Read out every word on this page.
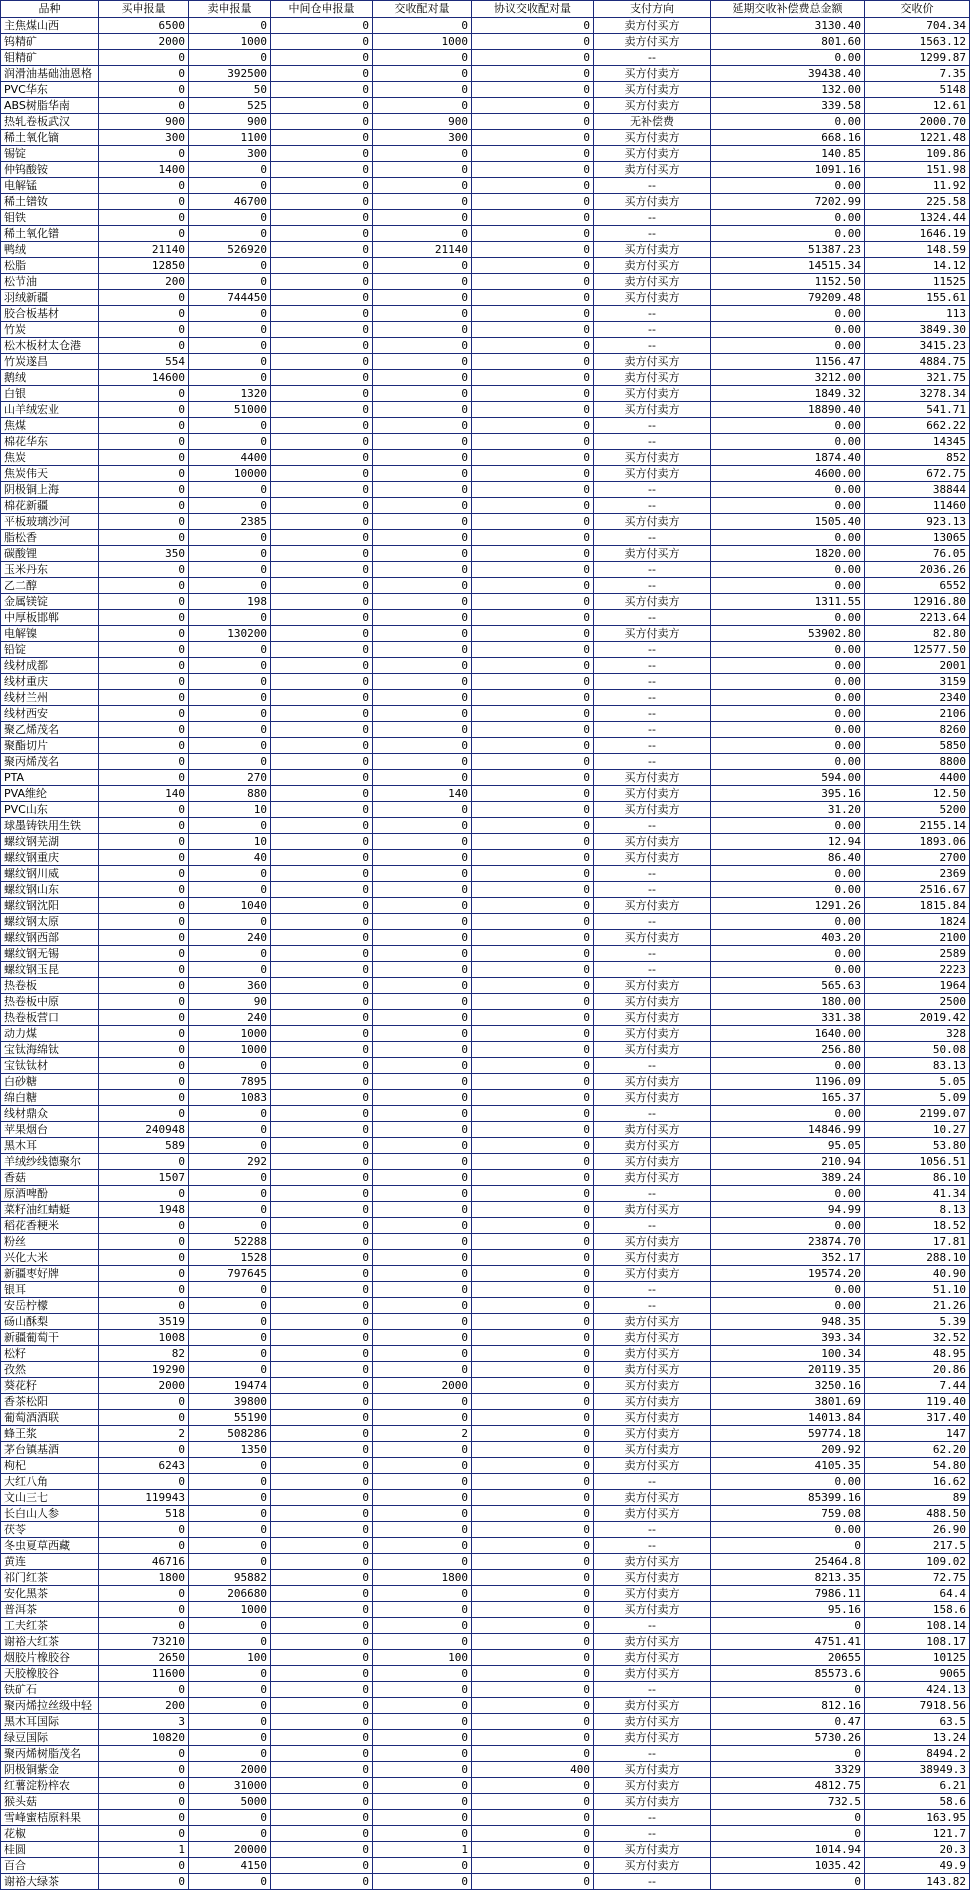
品种	买申报量	卖申报量	中间仓申报量	交收配对量	协议交收配对量	支付方向	延期交收补偿费总金额	交收价
主焦煤山西	6500	0	0	0	0	卖方付买方	3130.40	704.34
钨精矿	2000	1000	0	1000	0	卖方付买方	801.60	1563.12
钼精矿	0	0	0	0	0	--	0.00	1299.87
润滑油基础油恩格	0	392500	0	0	0	买方付卖方	39438.40	7.35
PVC华东	0	50	0	0	0	买方付卖方	132.00	5148
ABS树脂华南	0	525	0	0	0	买方付卖方	339.58	12.61
热轧卷板武汉	900	900	0	900	0	无补偿费	0.00	2000.70
稀土氧化镝	300	1100	0	300	0	买方付卖方	668.16	1221.48
锡锭	0	300	0	0	0	买方付卖方	140.85	109.86
仲钨酸铵	1400	0	0	0	0	卖方付买方	1091.16	151.98
电解锰	0	0	0	0	0	--	0.00	11.92
稀土镨钕	0	46700	0	0	0	买方付卖方	7202.99	225.58
钼铁	0	0	0	0	0	--	0.00	1324.44
稀土氧化镨	0	0	0	0	0	--	0.00	1646.19
鸭绒	21140	526920	0	21140	0	买方付卖方	51387.23	148.59
松脂	12850	0	0	0	0	卖方付买方	14515.34	14.12
松节油	200	0	0	0	0	卖方付买方	1152.50	11525
羽绒新疆	0	744450	0	0	0	买方付卖方	79209.48	155.61
胶合板基材	0	0	0	0	0	--	0.00	113
竹炭	0	0	0	0	0	--	0.00	3849.30
松木板材太仓港	0	0	0	0	0	--	0.00	3415.23
竹炭遂昌	554	0	0	0	0	卖方付买方	1156.47	4884.75
鹅绒	14600	0	0	0	0	卖方付买方	3212.00	321.75
白银	0	1320	0	0	0	买方付卖方	1849.32	3278.34
山羊绒宏业	0	51000	0	0	0	买方付卖方	18890.40	541.71
焦煤	0	0	0	0	0	--	0.00	662.22
棉花华东	0	0	0	0	0	--	0.00	14345
焦炭	0	4400	0	0	0	买方付卖方	1874.40	852
焦炭伟天	0	10000	0	0	0	买方付卖方	4600.00	672.75
阴极铜上海	0	0	0	0	0	--	0.00	38844
棉花新疆	0	0	0	0	0	--	0.00	11460
平板玻璃沙河	0	2385	0	0	0	买方付卖方	1505.40	923.13
脂松香	0	0	0	0	0	--	0.00	13065
碳酸锂	350	0	0	0	0	卖方付买方	1820.00	76.05
玉米丹东	0	0	0	0	0	--	0.00	2036.26
乙二醇	0	0	0	0	0	--	0.00	6552
金属镁锭	0	198	0	0	0	买方付卖方	1311.55	12916.80
中厚板邯郸	0	0	0	0	0	--	0.00	2213.64
电解镍	0	130200	0	0	0	买方付卖方	53902.80	82.80
铅锭	0	0	0	0	0	--	0.00	12577.50
线材成都	0	0	0	0	0	--	0.00	2001
线材重庆	0	0	0	0	0	--	0.00	3159
线材兰州	0	0	0	0	0	--	0.00	2340
线材西安	0	0	0	0	0	--	0.00	2106
聚乙烯茂名	0	0	0	0	0	--	0.00	8260
聚酯切片	0	0	0	0	0	--	0.00	5850
聚丙烯茂名	0	0	0	0	0	--	0.00	8800
PTA	0	270	0	0	0	买方付卖方	594.00	4400
PVA维纶	140	880	0	140	0	买方付卖方	395.16	12.50
PVC山东	0	10	0	0	0	买方付卖方	31.20	5200
球墨铸铁用生铁	0	0	0	0	0	--	0.00	2155.14
螺纹钢芜湖	0	10	0	0	0	买方付卖方	12.94	1893.06
螺纹钢重庆	0	40	0	0	0	买方付卖方	86.40	2700
螺纹钢川威	0	0	0	0	0	--	0.00	2369
螺纹钢山东	0	0	0	0	0	--	0.00	2516.67
螺纹钢沈阳	0	1040	0	0	0	买方付卖方	1291.26	1815.84
螺纹钢太原	0	0	0	0	0	--	0.00	1824
螺纹钢西部	0	240	0	0	0	买方付卖方	403.20	2100
螺纹钢无锡	0	0	0	0	0	--	0.00	2589
螺纹钢玉昆	0	0	0	0	0	--	0.00	2223
热卷板	0	360	0	0	0	买方付卖方	565.63	1964
热卷板中原	0	90	0	0	0	买方付卖方	180.00	2500
热卷板营口	0	240	0	0	0	买方付卖方	331.38	2019.42
动力煤	0	1000	0	0	0	买方付卖方	1640.00	328
宝钛海绵钛	0	1000	0	0	0	买方付卖方	256.80	50.08
宝钛钛材	0	0	0	0	0	--	0.00	83.13
白砂糖	0	7895	0	0	0	买方付卖方	1196.09	5.05
绵白糖	0	1083	0	0	0	买方付卖方	165.37	5.09
线材鼎众	0	0	0	0	0	--	0.00	2199.07
苹果烟台	240948	0	0	0	0	卖方付买方	14846.99	10.27
黑木耳	589	0	0	0	0	卖方付买方	95.05	53.80
羊绒纱线德聚尔	0	292	0	0	0	买方付卖方	210.94	1056.51
香菇	1507	0	0	0	0	卖方付买方	389.24	86.10
原酒啤酚	0	0	0	0	0	--	0.00	41.34
菜籽油红蜻蜓	1948	0	0	0	0	卖方付买方	94.99	8.13
稻花香粳米	0	0	0	0	0	--	0.00	18.52
粉丝	0	52288	0	0	0	买方付卖方	23874.70	17.81
兴化大米	0	1528	0	0	0	买方付卖方	352.17	288.10
新疆枣好牌	0	797645	0	0	0	买方付卖方	19574.20	40.90
银耳	0	0	0	0	0	--	0.00	51.10
安岳柠檬	0	0	0	0	0	--	0.00	21.26
砀山酥梨	3519	0	0	0	0	卖方付买方	948.35	5.39
新疆葡萄干	1008	0	0	0	0	卖方付买方	393.34	32.52
松籽	82	0	0	0	0	卖方付买方	100.34	48.95
孜然	19290	0	0	0	0	卖方付买方	20119.35	20.86
葵花籽	2000	19474	0	2000	0	买方付卖方	3250.16	7.44
香茶松阳	0	39800	0	0	0	买方付卖方	3801.69	119.40
葡萄酒酒联	0	55190	0	0	0	买方付卖方	14013.84	317.40
蜂王浆	2	508286	0	2	0	买方付卖方	59774.18	147
茅台镇基酒	0	1350	0	0	0	买方付卖方	209.92	62.20
枸杞	6243	0	0	0	0	卖方付买方	4105.35	54.80
大红八角	0	0	0	0	0	--	0.00	16.62
文山三七	119943	0	0	0	0	卖方付买方	85399.16	89
长白山人参	518	0	0	0	0	卖方付买方	759.08	488.50
茯苓	0	0	0	0	0	--	0.00	26.90
冬虫夏草西藏	0	0	0	0	0	--	0	217.5
黄连	46716	0	0	0	0	卖方付买方	25464.8	109.02
祁门红茶	1800	95882	0	1800	0	买方付卖方	8213.35	72.75
安化黑茶	0	206680	0	0	0	买方付卖方	7986.11	64.4
普洱茶	0	1000	0	0	0	买方付卖方	95.16	158.6
工夫红茶	0	0	0	0	0	--	0	108.14
谢裕大红茶	73210	0	0	0	0	卖方付买方	4751.41	108.17
烟胶片橡胶谷	2650	100	0	100	0	卖方付买方	20655	10125
天胶橡胶谷	11600	0	0	0	0	卖方付买方	85573.6	9065
铁矿石	0	0	0	0	0	--	0	424.13
聚丙烯拉丝级中轻	200	0	0	0	0	卖方付买方	812.16	7918.56
黑木耳国际	3	0	0	0	0	卖方付买方	0.47	63.5
绿豆国际	10820	0	0	0	0	卖方付买方	5730.26	13.24
聚丙烯树脂茂名	0	0	0	0	0	--	0	8494.2
阴极铜紫金	0	2000	0	0	400	买方付卖方	3329	38949.3
红薯淀粉梓农	0	31000	0	0	0	买方付卖方	4812.75	6.21
猴头菇	0	5000	0	0	0	买方付卖方	732.5	58.6
雪峰蜜桔原料果	0	0	0	0	0	--	0	163.95
花椒	0	0	0	0	0	--	0	121.7
桂圆	1	20000	0	1	0	买方付卖方	1014.94	20.3
百合	0	4150	0	0	0	买方付卖方	1035.42	49.9
谢裕大绿茶	0	0	0	0	0	--	0	143.82
